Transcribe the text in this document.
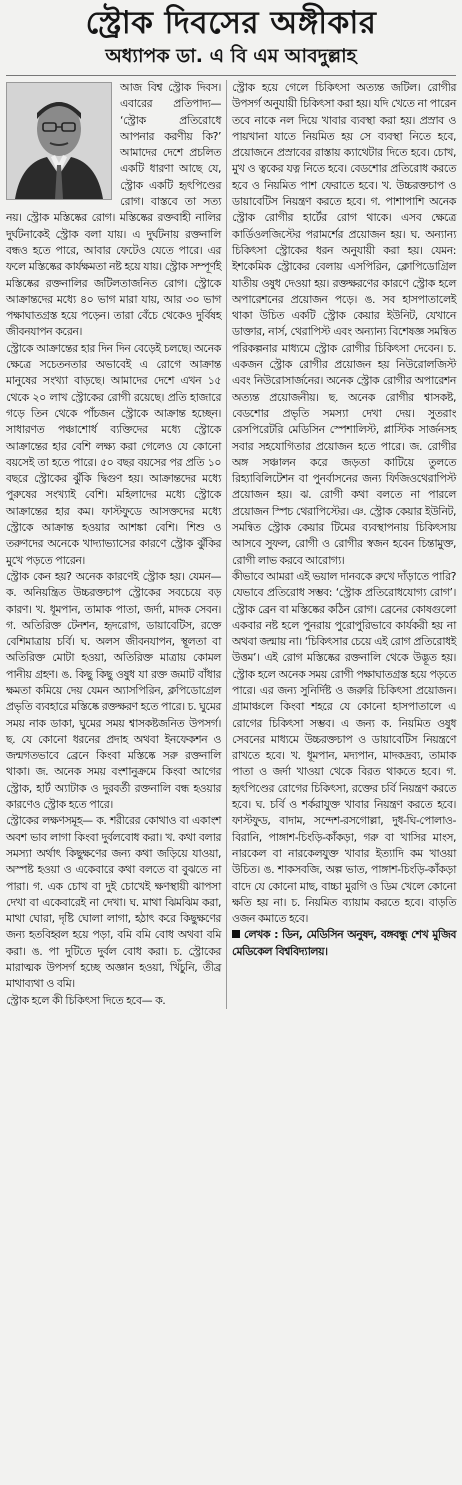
স্ট্রোক দিবসের অঙ্গীকার
অধ্যাপক ডা. এ বি এম আবদুল্লাহ

আজ বিশ্ব স্ট্রোক দিবস। এবারের প্রতিপাদ্য— ‘স্ট্রোক প্রতিরোধে আপনার করণীয় কি?’ আমাদের দেশে প্রচলিত একটি ধারণা আছে যে, স্ট্রোক একটি হৃৎপিণ্ডের রোগ। বাস্তবে তা সত্য নয়। স্ট্রোক মস্তিষ্কের রোগ। মস্তিষ্কের রক্তবাহী নালির দুর্ঘটনাকেই স্ট্রোক বলা যায়। এ দুর্ঘটনায় রক্তনালি বন্ধও হতে পারে, আবার ফেটেও যেতে পারে। এর ফলে মস্তিষ্কের কার্যক্ষমতা নষ্ট হয়ে যায়। স্ট্রোক সম্পূর্ণই মস্তিষ্কের রক্তনালির জটিলতাজনিত রোগ। স্ট্রোকে আক্রান্তদের মধ্যে ৪০ ভাগ মারা যায়, আর ৩০ ভাগ পক্ষাঘাতগ্রস্ত হয়ে পড়েন। তারা বেঁচে থেকেও দুর্বিষহ জীবনযাপন করেন।

স্ট্রোকে আক্রান্তের হার দিন দিন বেড়েই চলছে। অনেক ক্ষেত্রে সচেতনতার অভাবেই এ রোগে আক্রান্ত মানুষের সংখ্যা বাড়ছে। আমাদের দেশে এখন ১৫ থেকে ২০ লাখ স্ট্রোকের রোগী রয়েছে। প্রতি হাজারে গড়ে তিন থেকে পাঁচজন স্ট্রোকে আক্রান্ত হচ্ছেন। সাধারণত পঞ্চাশোর্ধ ব্যক্তিদের মধ্যে স্ট্রোকে আক্রান্তের হার বেশি লক্ষ্য করা গেলেও যে কোনো বয়সেই তা হতে পারে। ৫০ বছর বয়সের পর প্রতি ১০ বছরে স্ট্রোকের ঝুঁকি দ্বিগুণ হয়। আক্রান্তদের মধ্যে পুরুষের সংখ্যাই বেশি। মহিলাদের মধ্যে স্ট্রোকে আক্রান্তের হার কম। ফাস্টফুডে আসক্তদের মধ্যে স্ট্রোকে আক্রান্ত হওয়ার আশঙ্কা বেশি। শিশু ও তরুণদের অনেকে খাদ্যাভ্যাসের কারণে স্ট্রোক ঝুঁকির মুখে পড়তে পারেন।

স্ট্রোক কেন হয়? অনেক কারণেই স্ট্রোক হয়। যেমন— ক. অনিয়ন্ত্রিত উচ্চরক্তচাপ স্ট্রোকের সবচেয়ে বড় কারণ। খ. ধূমপান, তামাক পাতা, জর্দা, মাদক সেবন। গ. অতিরিক্ত টেনশন, হৃদরোগ, ডায়াবেটিস, রক্তে বেশিমাত্রায় চর্বি। ঘ. অলস জীবনযাপন, স্থূলতা বা অতিরিক্ত মোটা হওয়া, অতিরিক্ত মাত্রায় কোমল পানীয় গ্রহণ। ঙ. কিছু কিছু ওষুধ যা রক্ত জমাট বাঁধার ক্ষমতা কমিয়ে দেয় যেমন অ্যাসপিরিন, ক্লপিডোগ্রেল প্রভৃতি ব্যবহারে মস্তিষ্কে রক্তক্ষরণ হতে পারে। চ. ঘুমের সময় নাক ডাকা, ঘুমের সময় শ্বাসকষ্টজনিত উপসর্গ। ছ. যে কোনো ধরনের প্রদাহ অথবা ইনফেকশন ও জন্মগতভাবে ব্রেনে কিংবা মস্তিষ্কে সরু রক্তনালি থাকা। জ. অনেক সময় বংশানুক্রমে কিংবা আগের স্ট্রোক, হার্ট অ্যাটাক ও দুরবর্তী রক্তনালি বন্ধ হওয়ার কারণেও স্ট্রোক হতে পারে।

স্ট্রোকের লক্ষণসমূহ— ক. শরীরের কোথাও বা একাংশ অবশ ভাব লাগা কিংবা দুর্বলবোধ করা। খ. কথা বলার সমস্যা অর্থাৎ কিছুক্ষণের জন্য কথা জড়িয়ে যাওয়া, অস্পষ্ট হওয়া ও একেবারে কথা বলতে বা বুঝতে না পারা। গ. এক চোখ বা দুই চোখেই ক্ষণস্থায়ী ঝাপসা দেখা বা একেবারেই না দেখা। ঘ. মাথা ঝিমঝিম করা, মাথা ঘোরা, দৃষ্টি ঘোলা লাগা, হঠাৎ করে কিছুক্ষণের জন্য হতবিহ্বল হয়ে পড়া, বমি বমি বোধ অথবা বমি করা। ঙ. পা দুটিতে দুর্বল বোধ করা। চ. স্ট্রোকের মারাত্মক উপসর্গ হচ্ছে অজ্ঞান হওয়া, খিঁচুনি, তীব্র মাথাব্যথা ও বমি।

স্ট্রোক হলে কী চিকিৎসা দিতে হবে— ক.

স্ট্রোক হয়ে গেলে চিকিৎসা অত্যন্ত জটিল। রোগীর উপসর্গ অনুযায়ী চিকিৎসা করা হয়। যদি খেতে না পারেন তবে নাকে নল দিয়ে খাবার ব্যবস্থা করা হয়। প্রস্রাব ও পায়খানা যাতে নিয়মিত হয় সে ব্যবস্থা নিতে হবে, প্রয়োজনে প্রস্রাবের রাস্তায় ক্যাথেটার দিতে হবে। চোখ, মুখ ও ত্বকের যত্ন নিতে হবে। বেডশোর প্রতিরোধ করতে হবে ও নিয়মিত পাশ ফেরাতে হবে। খ. উচ্চরক্তচাপ ও ডায়াবেটিস নিয়ন্ত্রণ করতে হবে। গ. পাশাপাশি অনেক স্ট্রোক রোগীর হার্টের রোগ থাকে। এসব ক্ষেত্রে কার্ডিওলজিস্টের পরামর্শের প্রয়োজন হয়। ঘ. অন্যান্য চিকিৎসা স্ট্রোকের ধরন অনুযায়ী করা হয়। যেমন: ইশকেমিক স্ট্রোকের বেলায় এসপিরিন, ক্লোপিডোগ্রিল যাতীয় ওষুধ দেওয়া হয়। রক্তক্ষরণের কারণে স্ট্রোক হলে অপারেশনের প্রয়োজন পড়ে। ঙ. সব হাসপাতালেই থাকা উচিত একটি স্ট্রোক কেয়ার ইউনিট, যেখানে ডাক্তার, নার্স, থেরাপিস্ট এবং অন্যান্য বিশেষজ্ঞ সমন্বিত পরিকল্পনার মাধ্যমে স্ট্রোক রোগীর চিকিৎসা দেবেন। চ. একজন স্ট্রোক রোগীর প্রয়োজন হয় নিউরোলজিস্ট এবং নিউরোসার্জনের। অনেক স্ট্রোক রোগীর অপারেশন অত্যন্ত প্রয়োজনীয়। ছ. অনেক রোগীর শ্বাসকষ্ট, বেডশোর প্রভৃতি সমস্যা দেখা দেয়। সুতরাং রেসপিরেটরি মেডিসিন স্পেশালিস্ট, প্লাস্টিক সার্জনসহ সবার সহযোগিতার প্রয়োজন হতে পারে। জ. রোগীর অঙ্গ সঞ্চালন করে জড়তা কাটিয়ে তুলতে রিহ্যাবিলিটেশন বা পুনর্বাসনের জন্য ফিজিওথেরাপিস্ট প্রয়োজন হয়। ঝ. রোগী কথা বলতে না পারলে প্রয়োজন স্পিচ থেরাপিস্টের। ঞ. স্ট্রোক কেয়ার ইউনিট, সমন্বিত স্ট্রোক কেয়ার টিমের ব্যবস্থাপনায় চিকিৎসায় আসবে সুফল, রোগী ও রোগীর স্বজন হবেন চিন্তামুক্ত, রোগী লাভ করবে আরোগ্য।

কীভাবে আমরা এই ভয়াল দানবকে রুখে দাঁড়াতে পারি? যেভাবে প্রতিরোধ সম্ভব: ‘স্ট্রোক প্রতিরোধযোগ্য রোগ’। স্ট্রোক ব্রেন বা মস্তিষ্কের কঠিন রোগ। ব্রেনের কোষগুলো একবার নষ্ট হলে পুনরায় পুরোপুরিভাবে কার্যকরী হয় না অথবা জন্মায় না। ‘চিকিৎসার চেয়ে এই রোগ প্রতিরোধই উত্তম’। এই রোগ মস্তিষ্কের রক্তনালি থেকে উদ্ভূত হয়। স্ট্রোক হলে অনেক সময় রোগী পক্ষাঘাতগ্রস্ত হয়ে পড়তে পারে। এর জন্য সুনির্দিষ্ট ও জরুরি চিকিৎসা প্রয়োজন। গ্রামাঞ্চলে কিংবা শহরে যে কোনো হাসপাতালে এ রোগের চিকিৎসা সম্ভব। এ জন্য ক. নিয়মিত ওষুধ সেবনের মাধ্যমে উচ্চরক্তচাপ ও ডায়াবেটিস নিয়ন্ত্রণে রাখতে হবে। খ. ধূমপান, মদ্যপান, মাদকদ্রব্য, তামাক পাতা ও জর্দা খাওয়া থেকে বিরত থাকতে হবে। গ. হৃৎপিণ্ডের রোগের চিকিৎসা, রক্তের চর্বি নিয়ন্ত্রণ করতে হবে। ঘ. চর্বি ও শর্করাযুক্ত খাবার নিয়ন্ত্রণ করতে হবে। ফাস্টফুড, বাদাম, সন্দেশ-রসগোল্লা, দুধ-ঘি-পোলাও-বিরানি, পাঙ্গাশ-চিংড়ি-কাঁকড়া, গরু বা খাসির মাংস, নারকেল বা নারকেলযুক্ত খাবার ইত্যাদি কম খাওয়া উচিত। ঙ. শাকসবজি, অল্প ভাত, পাঙ্গাশ-চিংড়ি-কাঁকড়া বাদে যে কোনো মাছ, বাচ্চা মুরগি ও ডিম খেলে কোনো ক্ষতি হয় না। চ. নিয়মিত ব্যায়াম করতে হবে। বাড়তি ওজন কমাতে হবে।

লেখক : ডিন, মেডিসিন অনুষদ, বঙ্গবন্ধু শেখ মুজিব মেডিকেল বিশ্ববিদ্যালয়।
